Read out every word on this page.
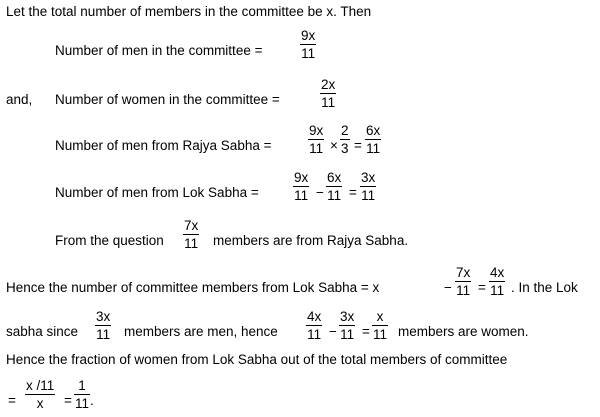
Let the total number of members in the committee be x. Then
Number of men in the committee =
9x
11
and, Number of women in the committee =
2x
11
Number of men from Rajya Sabha =
9x
11 ×
2
3 =
6x
11
Number of men from Lok Sabha =
9x
11 −
6x
11 =
3x
11
From the question
7x
11 members are from Rajya Sabha.
Hence the number of committee members from Lok Sabha = x	−
7x
11 =
4x
11 . In the Lok
sabha since
3x
11 members are men, hence
4x
11 −
3x
11 =
x
11 members are women.
Hence the fraction of women from Lok Sabha out of the total members of committee
=
x /11
x =
1
11 .
